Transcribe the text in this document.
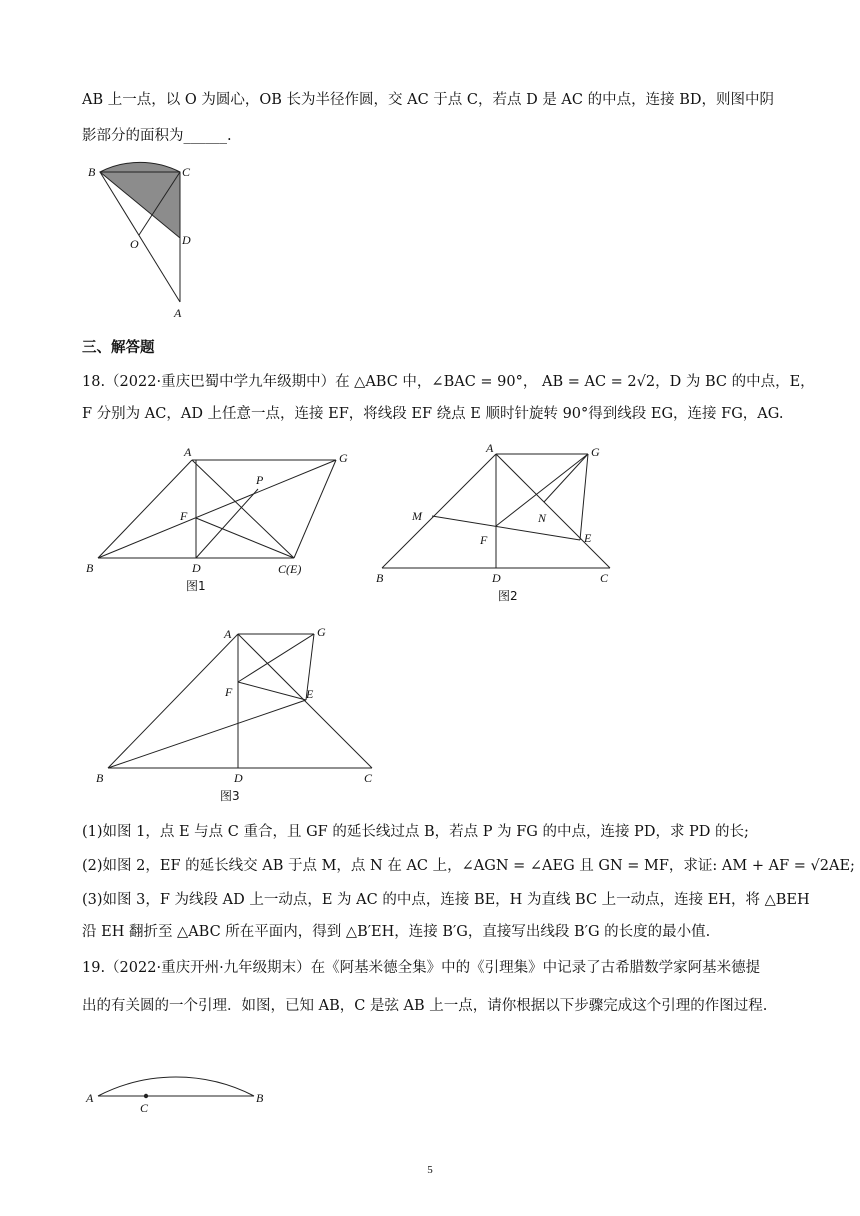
AB 上一点，以 O 为圆心，OB 长为半径作圆，交 AC 于点 C，若点 D 是 AC 的中点，连接 BD，则图中阴
影部分的面积为______.
B	C
O	D
A
三、解答题
18.（2022·重庆巴蜀中学九年级期中）在 △ABC 中，∠BAC = 90°， AB = AC = 2√2，D 为 BC 的中点，E，
F 分别为 AC，AD 上任意一点，连接 EF，将线段 EF 绕点 E 顺时针旋转 90°得到线段 EG，连接 FG，AG.
A	G
P
F
B	D	C(E)
图1
A	G
M	N
F	E
B	D	C
图2
A	G
F	E
B	D	C
图3
(1)如图 1，点 E 与点 C 重合，且 GF 的延长线过点 B，若点 P 为 FG 的中点，连接 PD，求 PD 的长;
(2)如图 2，EF 的延长线交 AB 于点 M，点 N 在 AC 上，∠AGN = ∠AEG 且 GN = MF，求证: AM + AF = √2AE;
(3)如图 3，F 为线段 AD 上一动点，E 为 AC 的中点，连接 BE，H 为直线 BC 上一动点，连接 EH，将 △BEH
沿 EH 翻折至 △ABC 所在平面内，得到 △B′EH，连接 B′G，直接写出线段 B′G 的长度的最小值.
19.（2022·重庆开州·九年级期末）在《阿基米德全集》中的《引理集》中记录了古希腊数学家阿基米德提
出的有关圆的一个引理．如图，已知 AB，C 是弦 AB 上一点，请你根据以下步骤完成这个引理的作图过程.
A
C
B
5
